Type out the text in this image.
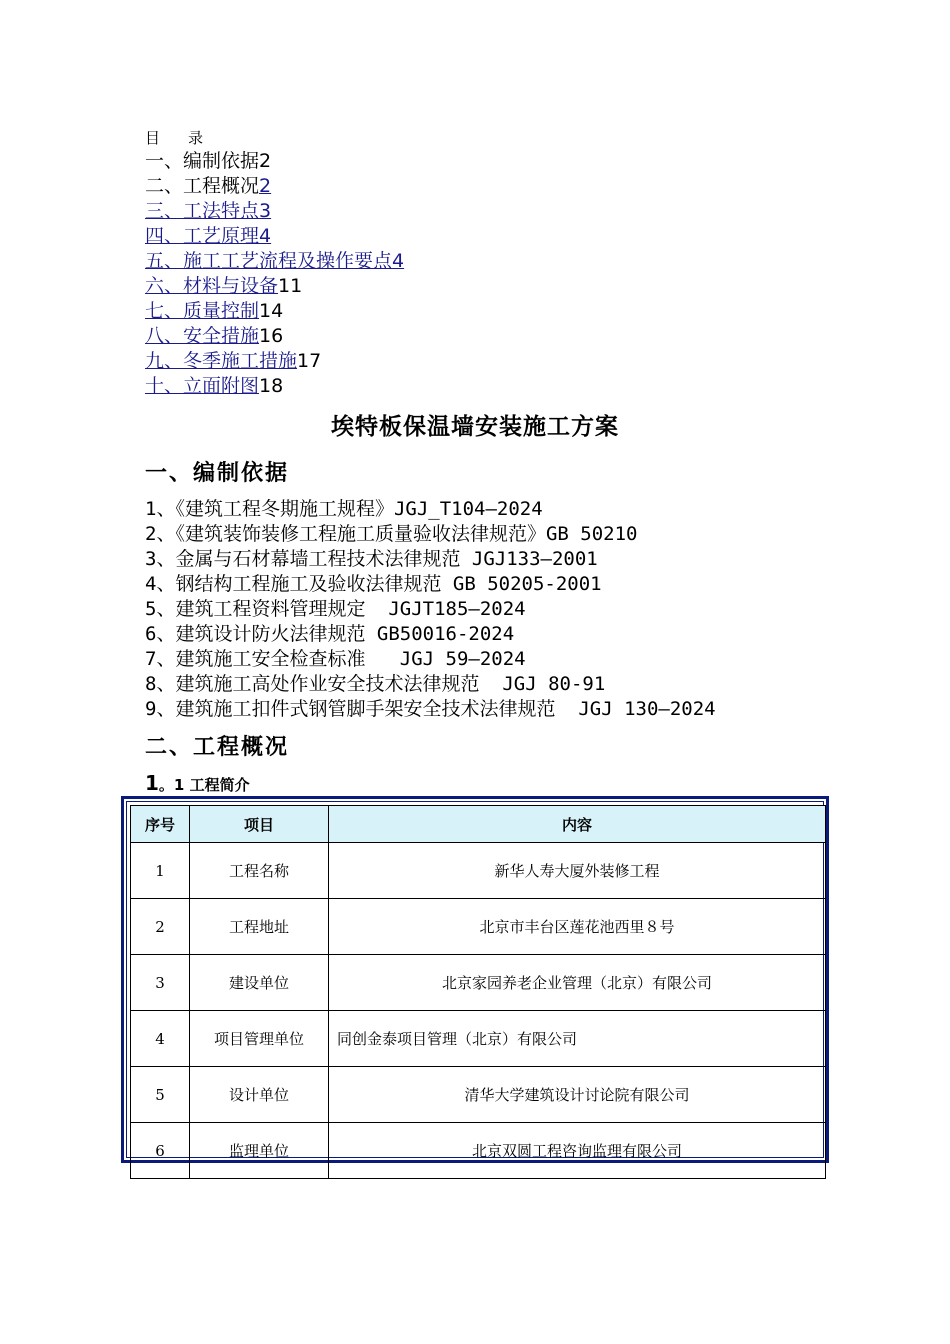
目 录
一、编制依据2
二、工程概况2
三、工法特点3
四、工艺原理4
五、施工工艺流程及操作要点4
六、材料与设备11
七、质量控制14
八、安全措施16
九、冬季施工措施17
十、立面附图18
埃特板保温墙安装施工方案
一、编制依据
1、《建筑工程冬期施工规程》JGJ_T104—2024
2、《建筑装饰装修工程施工质量验收法律规范》GB 50210
3、金属与石材幕墙工程技术法律规范 JGJ133—2001
4、钢结构工程施工及验收法律规范 GB 50205-2001
5、建筑工程资料管理规定  JGJT185—2024
6、建筑设计防火法律规范 GB50016-2024
7、建筑施工安全检查标准   JGJ 59—2024
8、建筑施工高处作业安全技术法律规范  JGJ 80-91
9、建筑施工扣件式钢管脚手架安全技术法律规范  JGJ 130—2024
二、工程概况
1。1 工程简介
序号	项目	内容
1	工程名称	新华人寿大厦外装修工程
2	工程地址	北京市丰台区莲花池西里８号
3	建设单位	北京家园养老企业管理（北京）有限公司
4	项目管理单位	同创金泰项目管理（北京）有限公司
5	设计单位	清华大学建筑设计讨论院有限公司
6	监理单位	北京双圆工程咨询监理有限公司
